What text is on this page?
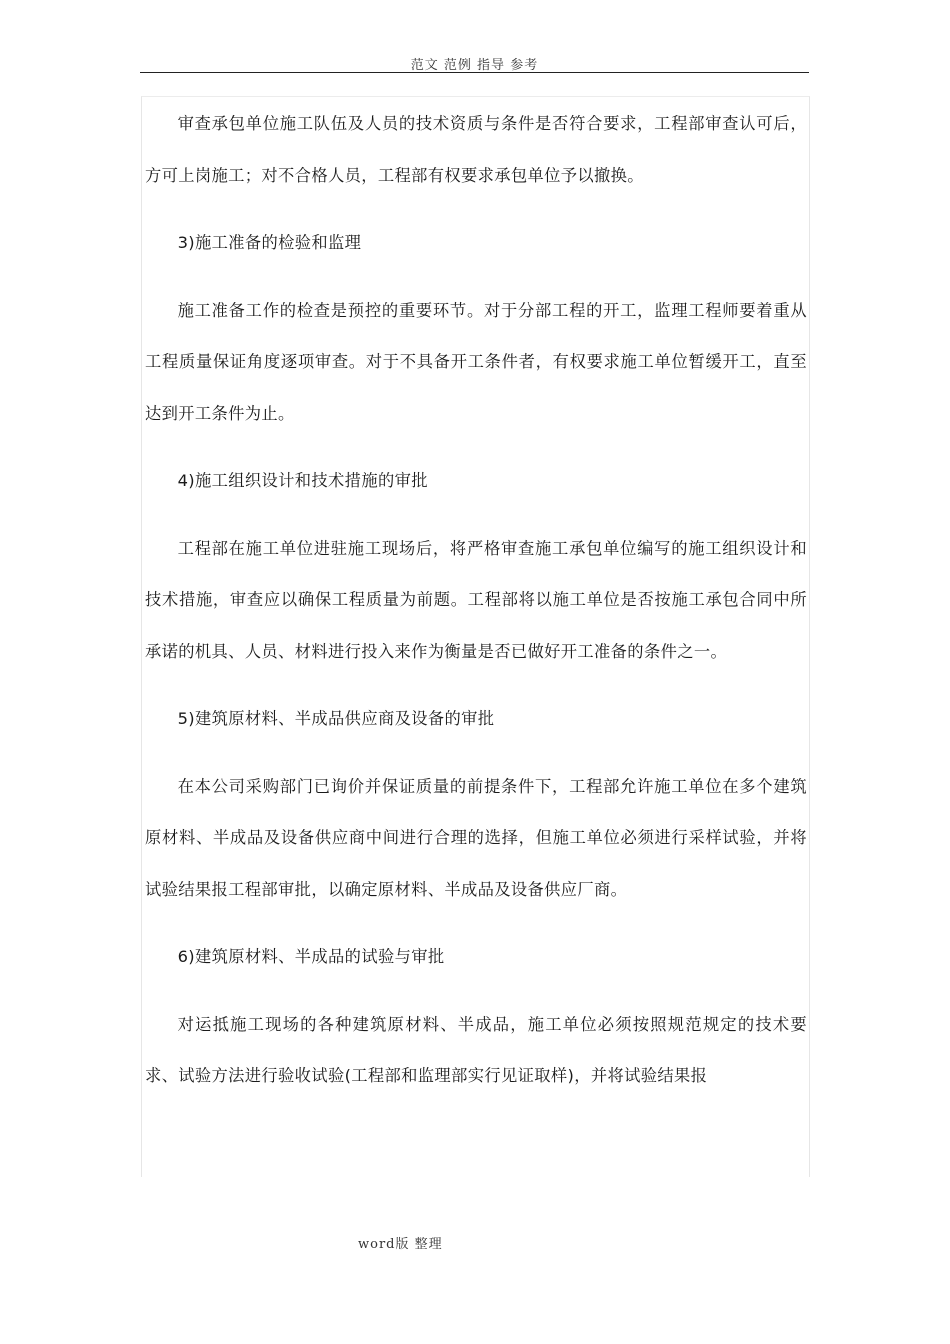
范文 范例 指导 参考

审查承包单位施工队伍及人员的技术资质与条件是否符合要求，工程部审查认可后，方可上岗施工；对不合格人员，工程部有权要求承包单位予以撤换。

3)施工准备的检验和监理

施工准备工作的检查是预控的重要环节。对于分部工程的开工，监理工程师要着重从工程质量保证角度逐项审查。对于不具备开工条件者，有权要求施工单位暂缓开工，直至达到开工条件为止。

4)施工组织设计和技术措施的审批

工程部在施工单位进驻施工现场后，将严格审查施工承包单位编写的施工组织设计和技术措施，审查应以确保工程质量为前题。工程部将以施工单位是否按施工承包合同中所承诺的机具、人员、材料进行投入来作为衡量是否已做好开工准备的条件之一。

5)建筑原材料、半成品供应商及设备的审批

在本公司采购部门已询价并保证质量的前提条件下，工程部允许施工单位在多个建筑原材料、半成品及设备供应商中间进行合理的选择，但施工单位必须进行采样试验，并将试验结果报工程部审批，以确定原材料、半成品及设备供应厂商。

6)建筑原材料、半成品的试验与审批

对运抵施工现场的各种建筑原材料、半成品，施工单位必须按照规范规定的技术要求、试验方法进行验收试验(工程部和监理部实行见证取样)，并将试验结果报

word版 整理
